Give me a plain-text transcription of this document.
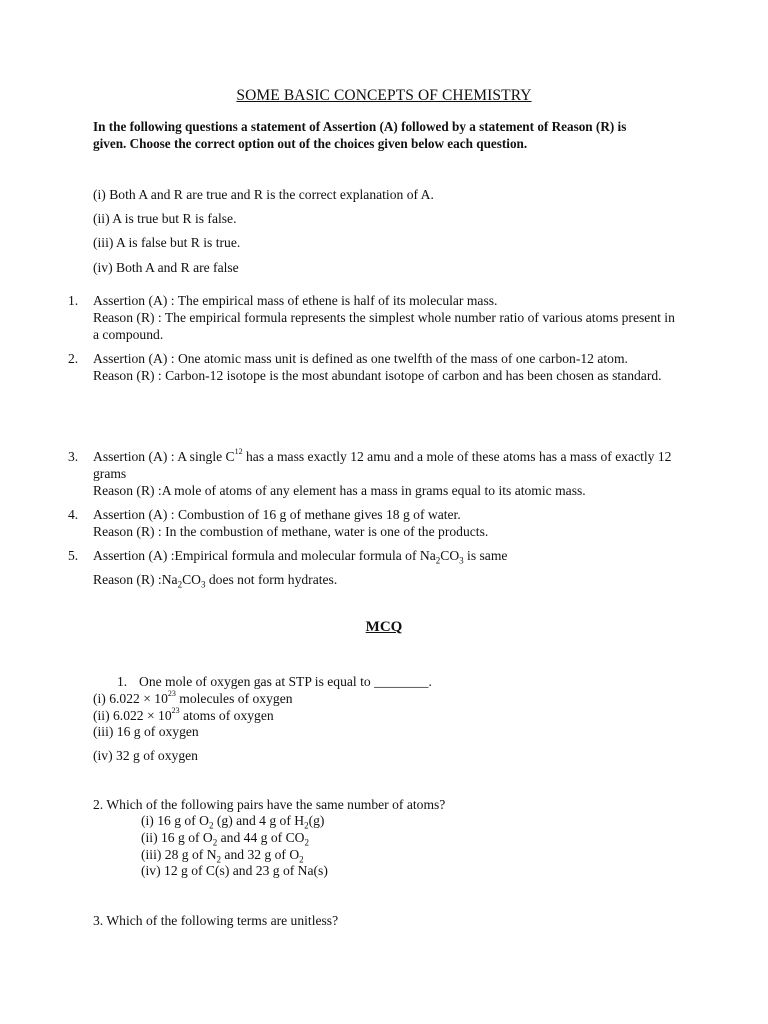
SOME BASIC CONCEPTS OF CHEMISTRY
In the following questions a statement of Assertion (A) followed by a statement of Reason (R) is given. Choose the correct option out of the choices given below each question.
(i) Both A and R are true and R is the correct explanation of A.
(ii) A is true but R is false.
(iii) A is false but R is true.
(iv) Both A and R are false
1. Assertion (A) : The empirical mass of ethene is half of its molecular mass.
Reason (R) : The empirical formula represents the simplest whole number ratio of various atoms present in a compound.
2. Assertion (A) : One atomic mass unit is defined as one twelfth of the mass of one carbon-12 atom.
Reason (R) : Carbon-12 isotope is the most abundant isotope of carbon and has been chosen as standard.
3. Assertion (A) : A single $C^{12}$ has a mass exactly 12 amu and a mole of these atoms has a mass of exactly 12 grams
Reason (R) :A mole of atoms of any element has a mass in grams equal to its atomic mass.
4. Assertion (A) : Combustion of 16 g of methane gives 18 g of water.
Reason (R) : In the combustion of methane, water is one of the products.
5. Assertion (A) :Empirical formula and molecular formula of $Na_2CO_3$ is same
Reason (R) $:Na_2CO_3$ does not form hydrates.
MCQ
1. One mole of oxygen gas at STP is equal to ________.
(i) $6.022 \times 10^{23}$ molecules of oxygen
(ii) $6.022 \times 10^{23}$ atoms of oxygen
(iii) 16 g of oxygen
(iv) 32 g of oxygen
2. Which of the following pairs have the same number of atoms?
(i) 16 g of $O_2$ (g) and 4 g of $H_2(g)$
(ii) 16 g of $O_2$ and 44 g of $CO_2$
(iii) 28 g of $N_2$ and 32 g of $O_2$
(iv) 12 g of C(s) and 23 g of Na(s)
3. Which of the following terms are unitless?
